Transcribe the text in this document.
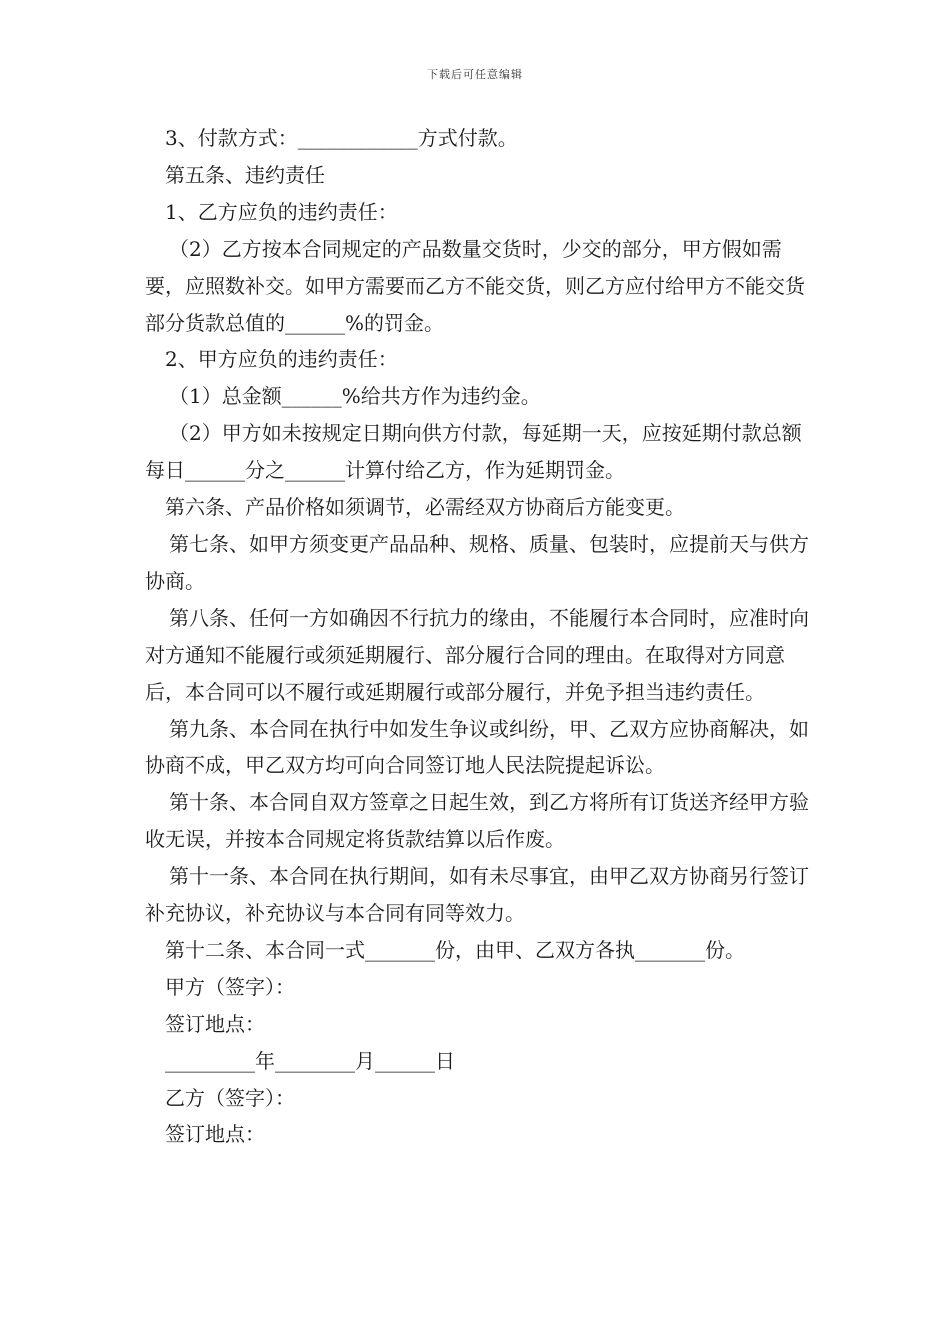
下载后可任意编辑

3、付款方式：____________方式付款。

第五条、违约责任

1、乙方应负的违约责任：

（2）乙方按本合同规定的产品数量交货时，少交的部分，甲方假如需要，应照数补交。如甲方需要而乙方不能交货，则乙方应付给甲方不能交货部分货款总值的______%的罚金。

2、甲方应负的违约责任：

（1）总金额______%给共方作为违约金。

（2）甲方如未按规定日期向供方付款，每延期一天，应按延期付款总额每日______分之______计算付给乙方，作为延期罚金。

第六条、产品价格如须调节，必需经双方协商后方能变更。

第七条、如甲方须变更产品品种、规格、质量、包装时，应提前天与供方协商。

第八条、任何一方如确因不行抗力的缘由，不能履行本合同时，应准时向对方通知不能履行或须延期履行、部分履行合同的理由。在取得对方同意后，本合同可以不履行或延期履行或部分履行，并免予担当违约责任。

第九条、本合同在执行中如发生争议或纠纷，甲、乙双方应协商解决，如协商不成，甲乙双方均可向合同签订地人民法院提起诉讼。

第十条、本合同自双方签章之日起生效，到乙方将所有订货送齐经甲方验收无误，并按本合同规定将货款结算以后作废。

第十一条、本合同在执行期间，如有未尽事宜，由甲乙双方协商另行签订补充协议，补充协议与本合同有同等效力。

第十二条、本合同一式_______份，由甲、乙双方各执_______份。

甲方（签字）：

签订地点：

_________年________月______日

乙方（签字）：

签订地点：
